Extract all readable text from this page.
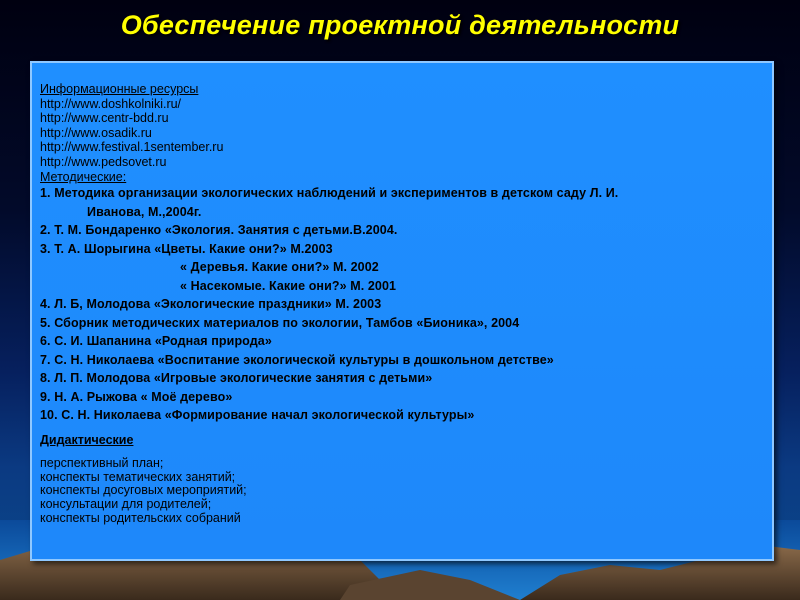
Обеспечение проектной деятельности
Информационные ресурсы
http://www.doshkolniki.ru/
http://www.centr-bdd.ru
http://www.osadik.ru
http://www.festival.1sentember.ru
http://www.pedsovet.ru
Методические:
1. Методика организации экологических наблюдений и экспериментов в детском саду Л. И.
Иванова, М.,2004г.
2. Т. М. Бондаренко «Экология. Занятия с детьми.В.2004.
3. Т. А. Шорыгина «Цветы. Какие они?» М.2003
« Деревья. Какие они?» М. 2002
« Насекомые. Какие они?» М. 2001
4. Л. Б, Молодова «Экологические праздники» М. 2003
5. Сборник методических материалов по экологии, Тамбов «Бионика», 2004
6. С. И. Шапанина «Родная природа»
7. С. Н. Николаева «Воспитание экологической культуры в дошкольном детстве»
8. Л. П. Молодова «Игровые экологические занятия с детьми»
9. Н. А. Рыжова « Моё дерево»
10. С. Н. Николаева «Формирование начал экологической культуры»
Дидактические
перспективный план;
конспекты тематических занятий;
конспекты досуговых мероприятий;
консультации для родителей;
конспекты родительских собраний
